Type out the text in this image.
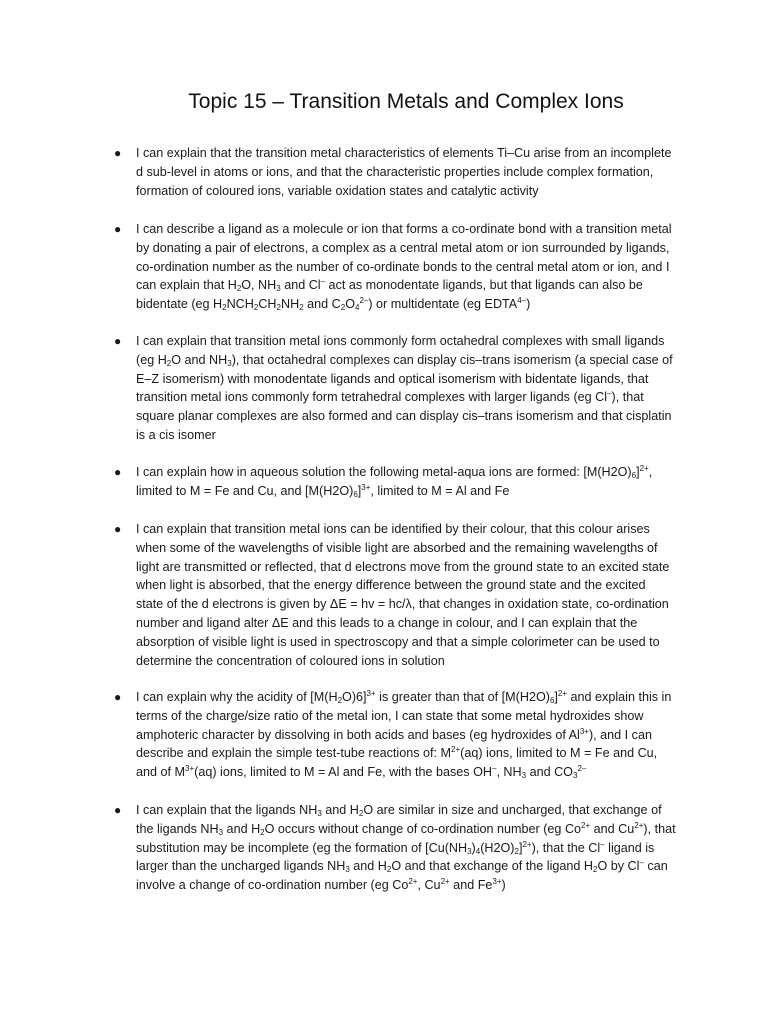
Topic 15 – Transition Metals and Complex Ions
● I can explain that the transition metal characteristics of elements Ti–Cu arise from an incomplete d sub-level in atoms or ions, and that the characteristic properties include complex formation, formation of coloured ions, variable oxidation states and catalytic activity
● I can describe a ligand as a molecule or ion that forms a co-ordinate bond with a transition metal by donating a pair of electrons, a complex as a central metal atom or ion surrounded by ligands, co-ordination number as the number of co-ordinate bonds to the central metal atom or ion, and I can explain that $H_2O$, $NH_3$ and Cl– act as monodentate ligands, but that ligands can also be bidentate (eg $H_2NCH_2CH_2NH_2$ and $C_2O_4^{2-}$) or multidentate (eg $EDTA^{4-}$)
● I can explain that transition metal ions commonly form octahedral complexes with small ligands (eg $H_2O$ and $NH_3$), that octahedral complexes can display cis–trans isomerism (a special case of E–Z isomerism) with monodentate ligands and optical isomerism with bidentate ligands, that transition metal ions commonly form tetrahedral complexes with larger ligands (eg Cl–), that square planar complexes are also formed and can display cis–trans isomerism and that cisplatin is a cis isomer
● I can explain how in aqueous solution the following metal-aqua ions are formed: $[M(H2O)_6]^{2+}$, limited to M = Fe and Cu, and $[M(H2O)_6]^{3+}$, limited to M = Al and Fe
● I can explain that transition metal ions can be identified by their colour, that this colour arises when some of the wavelengths of visible light are absorbed and the remaining wavelengths of light are transmitted or reflected, that d electrons move from the ground state to an excited state when light is absorbed, that the energy difference between the ground state and the excited state of the d electrons is given by ΔE = hv = hc/λ, that changes in oxidation state, co-ordination number and ligand alter ΔE and this leads to a change in colour, and I can explain that the absorption of visible light is used in spectroscopy and that a simple colorimeter can be used to determine the concentration of coloured ions in solution
● I can explain why the acidity of $[M(H_2O)6]^{3+}$ is greater than that of $[M(H2O)_6]^{2+}$ and explain this in terms of the charge/size ratio of the metal ion, I can state that some metal hydroxides show amphoteric character by dissolving in both acids and bases (eg hydroxides of $Al^{3+}$), and I can describe and explain the simple test-tube reactions of: $M^{2+}(aq)$ ions, limited to M = Fe and Cu, and of $M^{3+}(aq)$ ions, limited to M = Al and Fe, with the bases OH–, $NH_3$ and $CO_3^{2-}$
● I can explain that the ligands $NH_3$ and $H_2O$ are similar in size and uncharged, that exchange of the ligands $NH_3$ and $H_2O$ occurs without change of co-ordination number (eg $Co^{2+}$ and $Cu^{2+}$), that substitution may be incomplete (eg the formation of $[Cu(NH_3)_4(H2O)_2]^{2+}$), that the Cl– ligand is larger than the uncharged ligands $NH_3$ and $H_2O$ and that exchange of the ligand $H_2O$ by Cl– can involve a change of co-ordination number (eg $Co^{2+}$, $Cu^{2+}$ and $Fe^{3+}$)
